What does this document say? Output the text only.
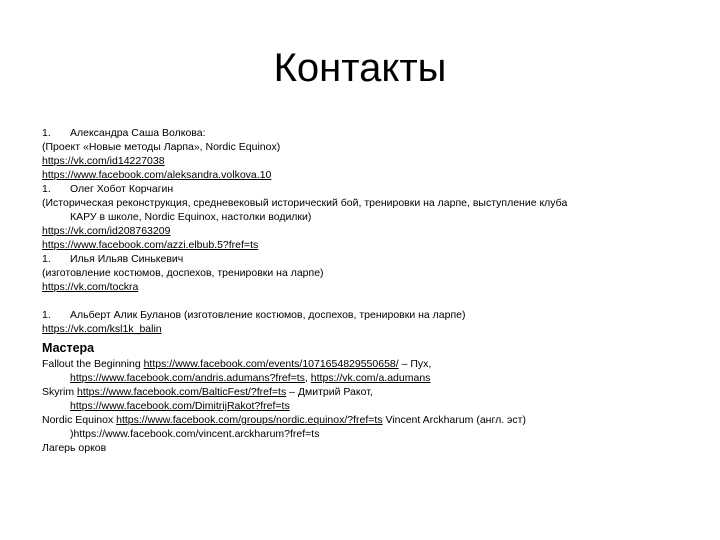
Контакты
1. Александра Саша Волкова:
(Проект «Новые методы Ларпа», Nordic Equinox)
https://vk.com/id14227038
https://www.facebook.com/aleksandra.volkova.10
1. Олег Хобот Корчагин
(Историческая реконструкция, средневековый исторический бой, тренировки на ларпе, выступление клуба
КАРУ в школе, Nordic Equinox, настолки водилки)
https://vk.com/id208763209
https://www.facebook.com/azzi.elbub.5?fref=ts
1. Илья Ильяв Синькевич
(изготовление костюмов, доспехов, тренировки на ларпе)
https://vk.com/tockra
1. Альберт Алик Буланов (изготовление костюмов, доспехов, тренировки на ларпе)
https://vk.com/ksl1k_balin
Мастера
Fallout the Beginning https://www.facebook.com/events/1071654829550658/ – Пух,
https://www.facebook.com/andris.adumans?fref=ts, https://vk.com/a.adumans
Skyrim https://www.facebook.com/BalticFest/?fref=ts – Дмитрий Ракот,
https://www.facebook.com/DimitrijRakot?fref=ts
Nordic Equinox https://www.facebook.com/groups/nordic.equinox/?fref=ts Vincent Arckharum (англ. эст)
)https://www.facebook.com/vincent.arckharum?fref=ts
Лагерь орков
